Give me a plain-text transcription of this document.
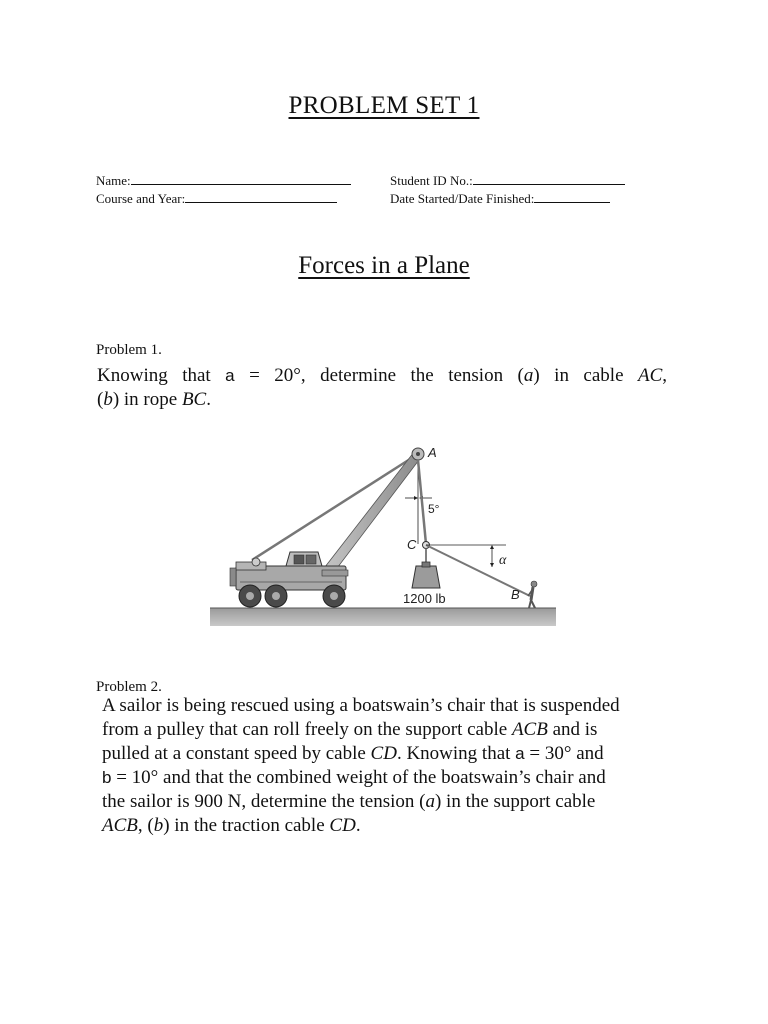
PROBLEM SET 1
Name:	Student ID No.:
Course and Year:	Date Started/Date Finished:
Forces in a Plane
Problem 1.
Knowing that a = 20°, determine the tension (a) in cable AC,
(b) in rope BC.
A
C
B
5°
α
1200 lb
Problem 2.
A sailor is being rescued using a boatswain’s chair that is suspended
from a pulley that can roll freely on the support cable ACB and is
pulled at a constant speed by cable CD. Knowing that a = 30° and
b = 10° and that the combined weight of the boatswain’s chair and
the sailor is 900 N, determine the tension (a) in the support cable
ACB, (b) in the traction cable CD.
